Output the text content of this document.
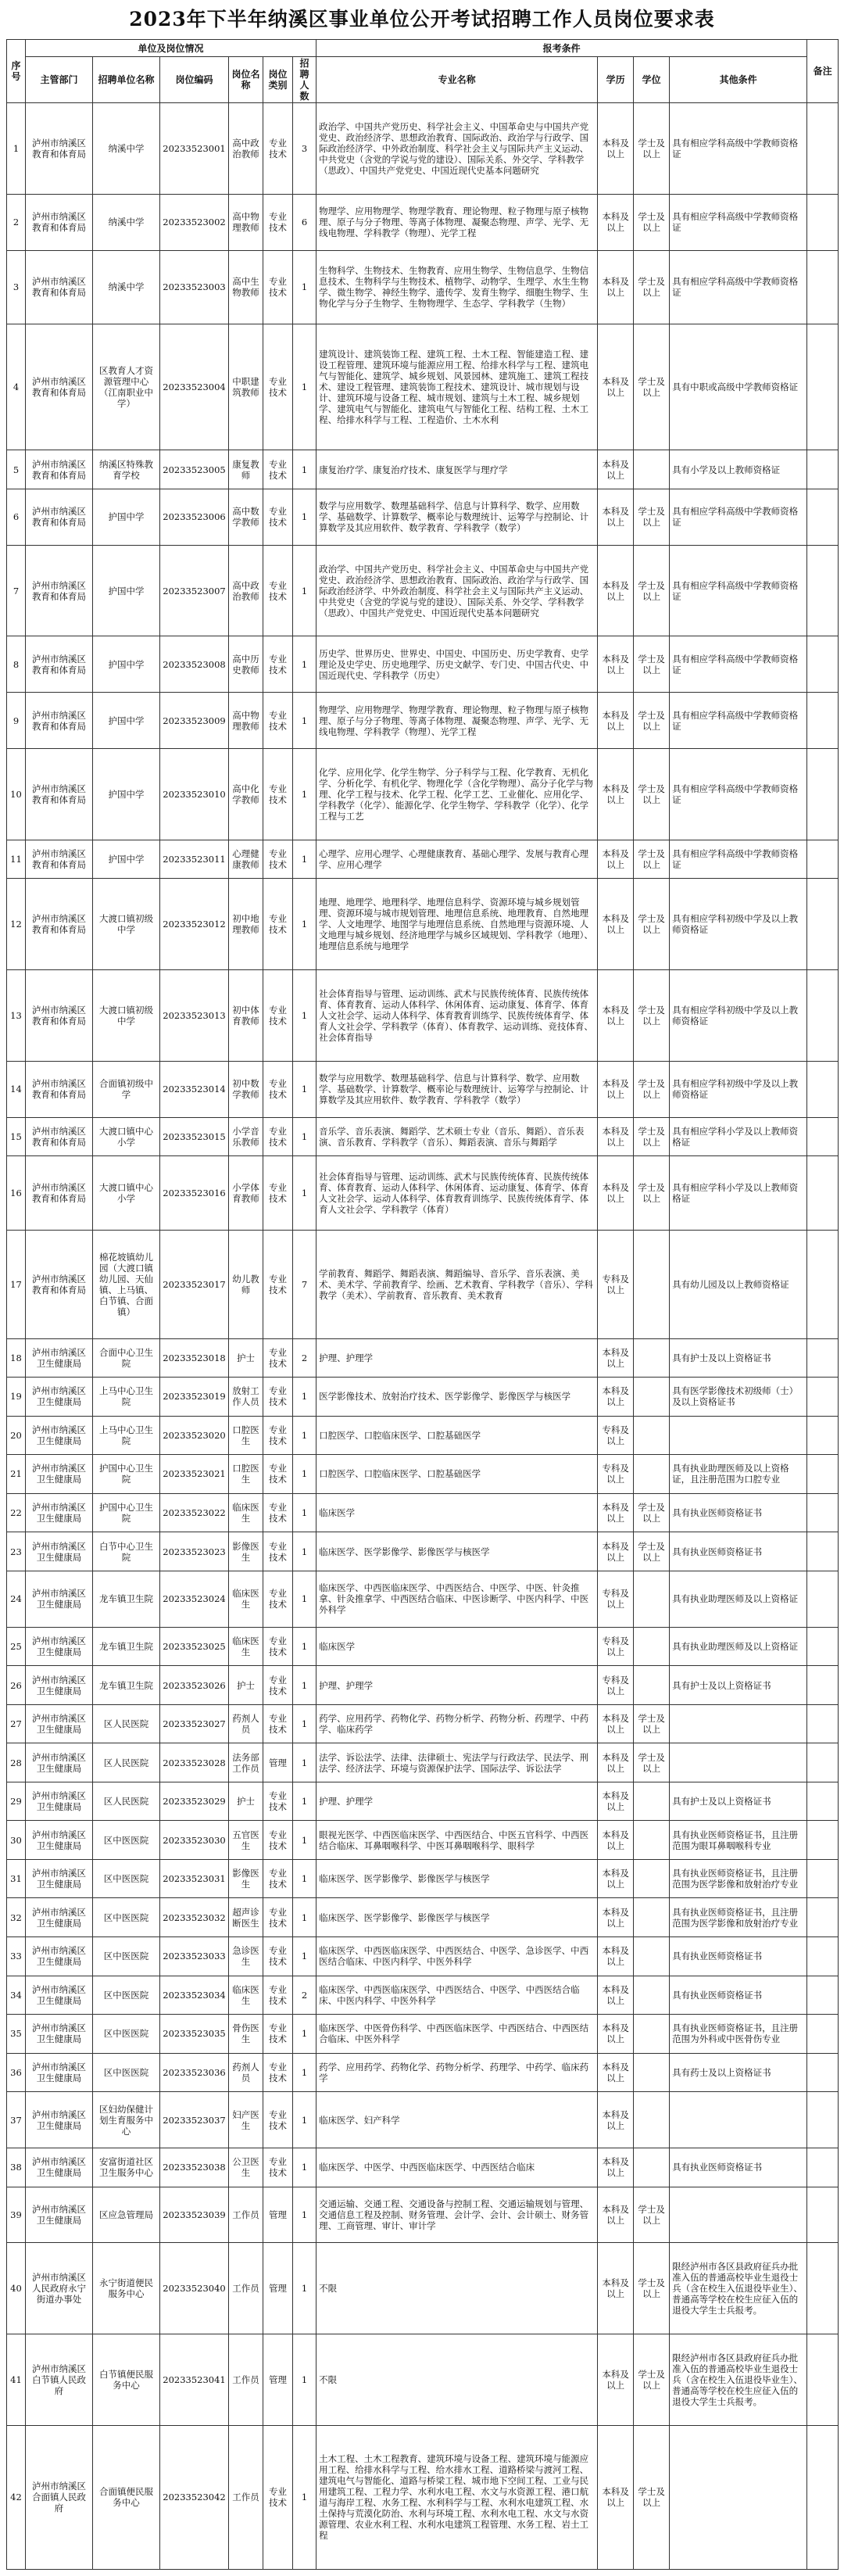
2023年下半年纳溪区事业单位公开考试招聘工作人员岗位要求表
序号	单位及岗位情况						报考条件				备注
	主管部门	招聘单位名称	岗位编码	岗位名称	岗位类别	招聘人数	专业名称	学历	学位	其他条件	
1	泸州市纳溪区教育和体育局	纳溪中学	20233523001	高中政治教师	专业技术	3	政治学、中国共产党历史、科学社会主义、中国革命史与中国共产党党史、政治经济学、思想政治教育、国际政治、政治学与行政学、国际政治经济学、中外政治制度、科学社会主义与国际共产主义运动、中共党史（含党的学说与党的建设）、国际关系、外交学、学科教学（思政）、中国共产党党史、中国近现代史基本问题研究	本科及以上	学士及以上	具有相应学科高级中学教师资格证	
2	泸州市纳溪区教育和体育局	纳溪中学	20233523002	高中物理教师	专业技术	6	物理学、应用物理学、物理学教育、理论物理、粒子物理与原子核物理、原子与分子物理、等离子体物理、凝聚态物理、声学、光学、无线电物理、学科教学（物理）、光学工程	本科及以上	学士及以上	具有相应学科高级中学教师资格证	
3	泸州市纳溪区教育和体育局	纳溪中学	20233523003	高中生物教师	专业技术	1	生物科学、生物技术、生物教育、应用生物学、生物信息学、生物信息技术、生物科学与生物技术、植物学、动物学、生理学、水生生物学、微生物学、神经生物学、遗传学、发育生物学、细胞生物学、生物化学与分子生物学、生物物理学、生态学、学科教学（生物）	本科及以上	学士及以上	具有相应学科高级中学教师资格证	
4	泸州市纳溪区教育和体育局	区教育人才资源管理中心（江南职业中学）	20233523004	中职建筑教师	专业技术	1	建筑设计、建筑装饰工程、建筑工程、土木工程、智能建造工程、建设工程管理、建筑环境与能源应用工程、给排水科学与工程、建筑电气与智能化、建筑学、城乡规划、风景园林、建筑施工、建筑工程技术、建设工程管理、建筑装饰工程技术、建筑设计、城市规划与设计、建筑环境与设备工程、城市规划、建筑与土木工程、城乡规划学、建筑电气与智能化、建筑电气与智能化工程、结构工程、土木工程、给排水科学与工程、工程造价、土木水利	本科及以上	学士及以上	具有中职或高级中学教师资格证	
5	泸州市纳溪区教育和体育局	纳溪区特殊教育学校	20233523005	康复教师	专业技术	1	康复治疗学、康复治疗技术、康复医学与理疗学	本科及以上		具有小学及以上教师资格证	
6	泸州市纳溪区教育和体育局	护国中学	20233523006	高中数学教师	专业技术	1	数学与应用数学、数理基础科学、信息与计算科学、数学、应用数学、基础数学、计算数学、概率论与数理统计、运筹学与控制论、计算数学及其应用软件、数学教育、学科教学（数学）	本科及以上	学士及以上	具有相应学科高级中学教师资格证	
7	泸州市纳溪区教育和体育局	护国中学	20233523007	高中政治教师	专业技术	1	政治学、中国共产党历史、科学社会主义、中国革命史与中国共产党党史、政治经济学、思想政治教育、国际政治、政治学与行政学、国际政治经济学、中外政治制度、科学社会主义与国际共产主义运动、中共党史（含党的学说与党的建设）、国际关系、外交学、学科教学（思政）、中国共产党党史、中国近现代史基本问题研究	本科及以上	学士及以上	具有相应学科高级中学教师资格证	
8	泸州市纳溪区教育和体育局	护国中学	20233523008	高中历史教师	专业技术	1	历史学、世界历史、世界史、中国史、中国历史、历史学教育、史学理论及史学史、历史地理学、历史文献学、专门史、中国古代史、中国近现代史、学科教学（历史）	本科及以上	学士及以上	具有相应学科高级中学教师资格证	
9	泸州市纳溪区教育和体育局	护国中学	20233523009	高中物理教师	专业技术	1	物理学、应用物理学、物理学教育、理论物理、粒子物理与原子核物理、原子与分子物理、等离子体物理、凝聚态物理、声学、光学、无线电物理、学科教学（物理）、光学工程	本科及以上	学士及以上	具有相应学科高级中学教师资格证	
10	泸州市纳溪区教育和体育局	护国中学	20233523010	高中化学教师	专业技术	1	化学、应用化学、化学生物学、分子科学与工程、化学教育、无机化学、分析化学、有机化学、物理化学（含化学物理）、高分子化学与物理、化学工程与技术、化学工程、化学工艺、工业催化、应用化学、学科教学（化学）、能源化学、化学生物学、学科教学（化学）、化学工程与工艺	本科及以上	学士及以上	具有相应学科高级中学教师资格证	
11	泸州市纳溪区教育和体育局	护国中学	20233523011	心理健康教师	专业技术	1	心理学、应用心理学、心理健康教育、基础心理学、发展与教育心理学、应用心理学	本科及以上	学士及以上	具有相应学科高级中学教师资格证	
12	泸州市纳溪区教育和体育局	大渡口镇初级中学	20233523012	初中地理教师	专业技术	1	地理、地理学、地理科学、地理信息科学、资源环境与城乡规划管理、资源环境与城市规划管理、地理信息系统、地理教育、自然地理学、人文地理学、地图学与地理信息系统、自然地理与资源环境、人文地理与城乡规划、经济地理学与城乡区域规划、学科教学（地理）、地理信息系统与地理学	本科及以上	学士及以上	具有相应学科初级中学及以上教师资格证	
13	泸州市纳溪区教育和体育局	大渡口镇初级中学	20233523013	初中体育教师	专业技术	1	社会体育指导与管理、运动训练、武术与民族传统体育、民族传统体育、体育教育、运动人体科学、休闲体育、运动康复、体育学、体育人文社会学、运动人体科学、体育教育训练学、民族传统体育学、体育人文社会学、学科教学（体育）、体育教学、运动训练、竞技体育、社会体育指导	本科及以上	学士及以上	具有相应学科初级中学及以上教师资格证	
14	泸州市纳溪区教育和体育局	合面镇初级中学	20233523014	初中数学教师	专业技术	1	数学与应用数学、数理基础科学、信息与计算科学、数学、应用数学、基础数学、计算数学、概率论与数理统计、运筹学与控制论、计算数学及其应用软件、数学教育、学科教学（数学）	本科及以上	学士及以上	具有相应学科初级中学及以上教师资格证	
15	泸州市纳溪区教育和体育局	大渡口镇中心小学	20233523015	小学音乐教师	专业技术	1	音乐学、音乐表演、舞蹈学、艺术硕士专业（音乐、舞蹈）、音乐表演、音乐教育、学科教学（音乐）、舞蹈表演、音乐与舞蹈学	本科及以上	学士及以上	具有相应学科小学及以上教师资格证	
16	泸州市纳溪区教育和体育局	大渡口镇中心小学	20233523016	小学体育教师	专业技术	1	社会体育指导与管理、运动训练、武术与民族传统体育、民族传统体育、体育教育、运动人体科学、休闲体育、运动康复、体育学、体育人文社会学、运动人体科学、体育教育训练学、民族传统体育学、体育人文社会学、学科教学（体育）	本科及以上	学士及以上	具有相应学科小学及以上教师资格证	
17	泸州市纳溪区教育和体育局	棉花坡镇幼儿园（大渡口镇幼儿园、天仙镇、上马镇、白节镇、合面镇）	20233523017	幼儿教师	专业技术	7	学前教育、舞蹈学、舞蹈表演、舞蹈编导、音乐学、音乐表演、美术、美术学、学前教育学、绘画、艺术教育、学科教学（音乐）、学科教学（美术）、学前教育、音乐教育、美术教育	专科及以上		具有幼儿园及以上教师资格证	
18	泸州市纳溪区卫生健康局	合面中心卫生院	20233523018	护士	专业技术	2	护理、护理学	本科及以上		具有护士及以上资格证书	
19	泸州市纳溪区卫生健康局	上马中心卫生院	20233523019	放射工作人员	专业技术	1	医学影像技术、放射治疗技术、医学影像学、影像医学与核医学	本科及以上		具有医学影像技术初级师（士）及以上资格证书	
20	泸州市纳溪区卫生健康局	上马中心卫生院	20233523020	口腔医生	专业技术	1	口腔医学、口腔临床医学、口腔基础医学	专科及以上			
21	泸州市纳溪区卫生健康局	护国中心卫生院	20233523021	口腔医生	专业技术	1	口腔医学、口腔临床医学、口腔基础医学	专科及以上		具有执业助理医师及以上资格证，且注册范围为口腔专业	
22	泸州市纳溪区卫生健康局	护国中心卫生院	20233523022	临床医生	专业技术	1	临床医学	本科及以上	学士及以上	具有执业医师资格证书	
23	泸州市纳溪区卫生健康局	白节中心卫生院	20233523023	影像医生	专业技术	1	临床医学、医学影像学、影像医学与核医学	本科及以上	学士及以上	具有执业医师资格证书	
24	泸州市纳溪区卫生健康局	龙车镇卫生院	20233523024	临床医生	专业技术	1	临床医学、中西医临床医学、中西医结合、中医学、中医、针灸推拿、针灸推拿学、中西医结合临床、中医诊断学、中医内科学、中医外科学	专科及以上		具有执业助理医师及以上资格证	
25	泸州市纳溪区卫生健康局	龙车镇卫生院	20233523025	临床医生	专业技术	1	临床医学	专科及以上		具有执业助理医师及以上资格证	
26	泸州市纳溪区卫生健康局	龙车镇卫生院	20233523026	护士	专业技术	1	护理、护理学	专科及以上		具有护士及以上资格证书	
27	泸州市纳溪区卫生健康局	区人民医院	20233523027	药剂人员	专业技术	1	药学、应用药学、药物化学、药物分析学、药物分析、药理学、中药学、临床药学	本科及以上	学士及以上		
28	泸州市纳溪区卫生健康局	区人民医院	20233523028	法务部工作员	管理	1	法学、诉讼法学、法律、法律硕士、宪法学与行政法学、民法学、刑法学、经济法学、环境与资源保护法学、国际法学、诉讼法学	本科及以上	学士及以上		
29	泸州市纳溪区卫生健康局	区人民医院	20233523029	护士	专业技术	1	护理、护理学	本科及以上		具有护士及以上资格证书	
30	泸州市纳溪区卫生健康局	区中医医院	20233523030	五官医生	专业技术	1	眼视光医学、中西医临床医学、中西医结合、中医五官科学、中西医结合临床、耳鼻咽喉科学、中医耳鼻咽喉科学、眼科学	本科及以上		具有执业医师资格证书，且注册范围为眼耳鼻咽喉科专业	
31	泸州市纳溪区卫生健康局	区中医医院	20233523031	影像医生	专业技术	1	临床医学、医学影像学、影像医学与核医学	本科及以上		具有执业医师资格证书，且注册范围为医学影像和放射治疗专业	
32	泸州市纳溪区卫生健康局	区中医医院	20233523032	超声诊断医生	专业技术	1	临床医学、医学影像学、影像医学与核医学	本科及以上		具有执业医师资格证书，且注册范围为医学影像和放射治疗专业	
33	泸州市纳溪区卫生健康局	区中医医院	20233523033	急诊医生	专业技术	1	临床医学、中西医临床医学、中西医结合、中医学、急诊医学、中西医结合临床、中医内科学、中医外科学	本科及以上		具有执业医师资格证书	
34	泸州市纳溪区卫生健康局	区中医医院	20233523034	临床医生	专业技术	2	临床医学、中西医临床医学、中西医结合、中医学、中西医结合临床、中医内科学、中医外科学	本科及以上		具有执业医师资格证书	
35	泸州市纳溪区卫生健康局	区中医医院	20233523035	骨伤医生	专业技术	1	临床医学、中医骨伤科学、中西医临床医学、中西医结合、中西医结合临床、中医外科学	本科及以上		具有执业医师资格证书，且注册范围为外科或中医骨伤专业	
36	泸州市纳溪区卫生健康局	区中医医院	20233523036	药剂人员	专业技术	1	药学、应用药学、药物化学、药物分析学、药理学、中药学、临床药学	本科及以上		具有药士及以上资格证书	
37	泸州市纳溪区卫生健康局	区妇幼保健计划生育服务中心	20233523037	妇产医生	专业技术	1	临床医学、妇产科学	本科及以上			
38	泸州市纳溪区卫生健康局	安富街道社区卫生服务中心	20233523038	公卫医生	专业技术	1	临床医学、中医学、中西医临床医学、中西医结合临床	本科及以上		具有执业医师资格证书	
39	泸州市纳溪区卫生健康局	区应急管理局	20233523039	工作员	管理	1	交通运输、交通工程、交通设备与控制工程、交通运输规划与管理、交通信息工程及控制、财务管理、会计学、会计、会计硕士、财务管理、工商管理、审计、审计学	本科及以上	学士及以上		
40	泸州市纳溪区人民政府永宁街道办事处	永宁街道便民服务中心	20233523040	工作员	管理	1	不限	本科及以上	学士及以上	限经泸州市各区县政府征兵办批准入伍的普通高校毕业生退役士兵（含在校生入伍退役毕业生）、普通高等学校在校生应征入伍的退役大学生士兵报考。	
41	泸州市纳溪区白节镇人民政府	白节镇便民服务中心	20233523041	工作员	管理	1	不限	本科及以上	学士及以上	限经泸州市各区县政府征兵办批准入伍的普通高校毕业生退役士兵（含在校生入伍退役毕业生）、普通高等学校在校生应征入伍的退役大学生士兵报考。	
42	泸州市纳溪区合面镇人民政府	合面镇便民服务中心	20233523042	工作员	专业技术	1	土木工程、土木工程教育、建筑环境与设备工程、建筑环境与能源应用工程、给排水科学与工程、给水排水工程、道路桥梁与渡河工程、建筑电气与智能化、道路与桥梁工程、城市地下空间工程、工业与民用建筑工程、工程力学、水利水电工程、水文与水资源工程、港口航道与海岸工程、水务工程、水利科学与工程、水利水电建筑工程、水土保持与荒漠化防治、水利与环境工程、水利水电工程、水文与水资源管理、农业水利工程、水利水电建筑工程管理、水务工程、岩土工程	本科及以上	学士及以上		
